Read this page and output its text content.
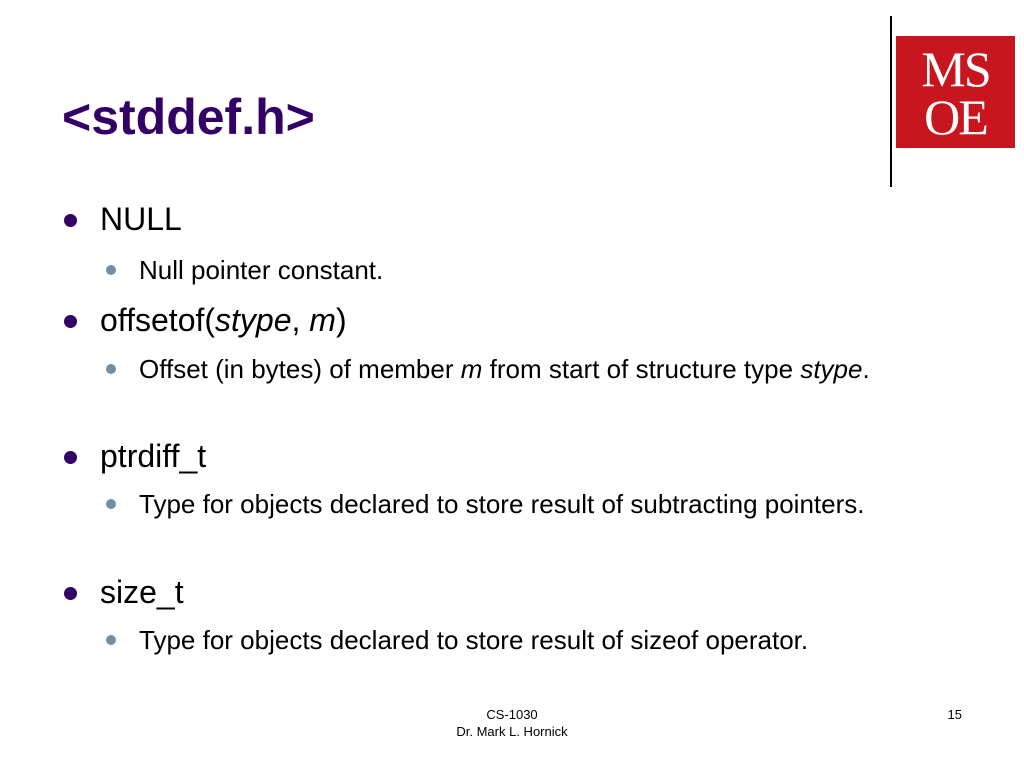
<stddef.h>
MS
OE
NULL
Null pointer constant.
offsetof(stype, m)
Offset (in bytes) of member m from start of structure type stype.
ptrdiff_t
Type for objects declared to store result of subtracting pointers.
size_t
Type for objects declared to store result of sizeof operator.
CS-1030
Dr. Mark L. Hornick
15
